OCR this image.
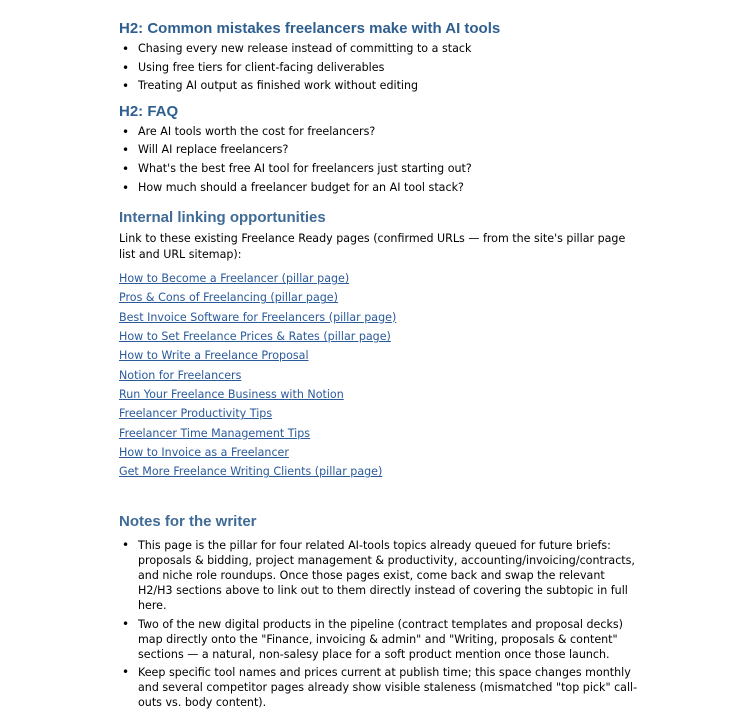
H2: Common mistakes freelancers make with AI tools
• Chasing every new release instead of committing to a stack
• Using free tiers for client-facing deliverables
• Treating AI output as finished work without editing
H2: FAQ
• Are AI tools worth the cost for freelancers?
• Will AI replace freelancers?
• What's the best free AI tool for freelancers just starting out?
• How much should a freelancer budget for an AI tool stack?
Internal linking opportunities

Link to these existing Freelance Ready pages (confirmed URLs — from the site's pillar page list and URL sitemap):

How to Become a Freelancer (pillar page)
Pros & Cons of Freelancing (pillar page)
Best Invoice Software for Freelancers (pillar page)
How to Set Freelance Prices & Rates (pillar page)
How to Write a Freelance Proposal
Notion for Freelancers
Run Your Freelance Business with Notion
Freelancer Productivity Tips
Freelancer Time Management Tips
How to Invoice as a Freelancer
Get More Freelance Writing Clients (pillar page)
Notes for the writer
• This page is the pillar for four related AI-tools topics already queued for future briefs: proposals & bidding, project management & productivity, accounting/invoicing/contracts, and niche role roundups. Once those pages exist, come back and swap the relevant H2/H3 sections above to link out to them directly instead of covering the subtopic in full here.
• Two of the new digital products in the pipeline (contract templates and proposal decks) map directly onto the "Finance, invoicing & admin" and "Writing, proposals & content" sections — a natural, non-salesy place for a soft product mention once those launch.
• Keep specific tool names and prices current at publish time; this space changes monthly and several competitor pages already show visible staleness (mismatched "top pick" call-outs vs. body content).
